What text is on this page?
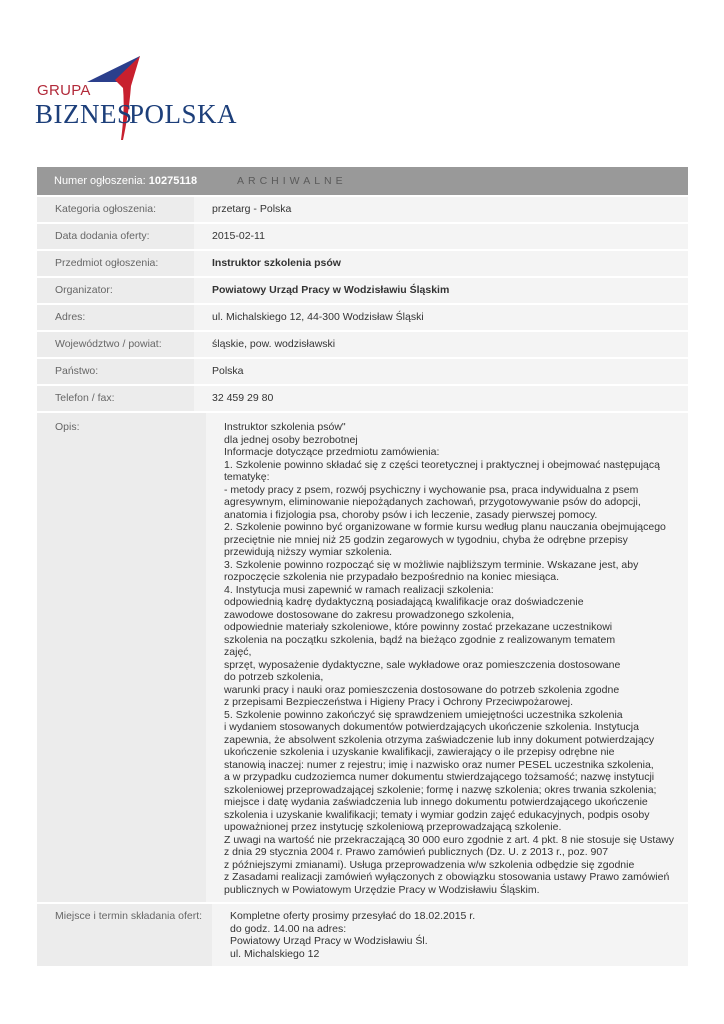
GRUPA
BIZNES
POLSKA
Numer ogłoszenia: 10275118	ARCHIWALNE
Kategoria ogłoszenia:	przetarg - Polska
Data dodania oferty:	2015-02-11
Przedmiot ogłoszenia:	Instruktor szkolenia psów
Organizator:	Powiatowy Urząd Pracy w Wodzisławiu Śląskim
Adres:	ul. Michalskiego 12, 44-300 Wodzisław Śląski
Województwo / powiat:	śląskie, pow. wodzisławski
Państwo:	Polska
Telefon / fax:	32 459 29 80
Opis:	Instruktor szkolenia psów"
dla jednej osoby bezrobotnej
Informacje dotyczące przedmiotu zamówienia:
1. Szkolenie powinno składać się z części teoretycznej i praktycznej i obejmować następującą
tematykę:
- metody pracy z psem, rozwój psychiczny i wychowanie psa, praca indywidualna z psem
agresywnym, eliminowanie niepożądanych zachowań, przygotowywanie psów do adopcji,
anatomia i fizjologia psa, choroby psów i ich leczenie, zasady pierwszej pomocy.
2. Szkolenie powinno być organizowane w formie kursu według planu nauczania obejmującego
przeciętnie nie mniej niż 25 godzin zegarowych w tygodniu, chyba że odrębne przepisy
przewidują niższy wymiar szkolenia.
3. Szkolenie powinno rozpocząć się w możliwie najbliższym terminie. Wskazane jest, aby
rozpoczęcie szkolenia nie przypadało bezpośrednio na koniec miesiąca.
4. Instytucja musi zapewnić w ramach realizacji szkolenia:
odpowiednią kadrę dydaktyczną posiadającą kwalifikacje oraz doświadczenie
zawodowe dostosowane do zakresu prowadzonego szkolenia,
odpowiednie materiały szkoleniowe, które powinny zostać przekazane uczestnikowi
szkolenia na początku szkolenia, bądź na bieżąco zgodnie z realizowanym tematem
zajęć,
sprzęt, wyposażenie dydaktyczne, sale wykładowe oraz pomieszczenia dostosowane
do potrzeb szkolenia,
warunki pracy i nauki oraz pomieszczenia dostosowane do potrzeb szkolenia zgodne
z przepisami Bezpieczeństwa i Higieny Pracy i Ochrony Przeciwpożarowej.
5. Szkolenie powinno zakończyć się sprawdzeniem umiejętności uczestnika szkolenia
i wydaniem stosowanych dokumentów potwierdzających ukończenie szkolenia. Instytucja
zapewnia, że absolwent szkolenia otrzyma zaświadczenie lub inny dokument potwierdzający
ukończenie szkolenia i uzyskanie kwalifikacji, zawierający o ile przepisy odrębne nie
stanowią inaczej: numer z rejestru; imię i nazwisko oraz numer PESEL uczestnika szkolenia,
a w przypadku cudzoziemca numer dokumentu stwierdzającego tożsamość; nazwę instytucji
szkoleniowej przeprowadzającej szkolenie; formę i nazwę szkolenia; okres trwania szkolenia;
miejsce i datę wydania zaświadczenia lub innego dokumentu potwierdzającego ukończenie
szkolenia i uzyskanie kwalifikacji; tematy i wymiar godzin zajęć edukacyjnych, podpis osoby
upoważnionej przez instytucję szkoleniową przeprowadzającą szkolenie.
Z uwagi na wartość nie przekraczającą 30 000 euro zgodnie z art. 4 pkt. 8 nie stosuje się Ustawy
z dnia 29 stycznia 2004 r. Prawo zamówień publicznych (Dz. U. z 2013 r., poz. 907
z późniejszymi zmianami). Usługa przeprowadzenia w/w szkolenia odbędzie się zgodnie
z Zasadami realizacji zamówień wyłączonych z obowiązku stosowania ustawy Prawo zamówień
publicznych w Powiatowym Urzędzie Pracy w Wodzisławiu Śląskim.
Miejsce i termin składania ofert:	Kompletne oferty prosimy przesyłać do 18.02.2015 r.
do godz. 14.00 na adres:
Powiatowy Urząd Pracy w Wodzisławiu Śl.
ul. Michalskiego 12
